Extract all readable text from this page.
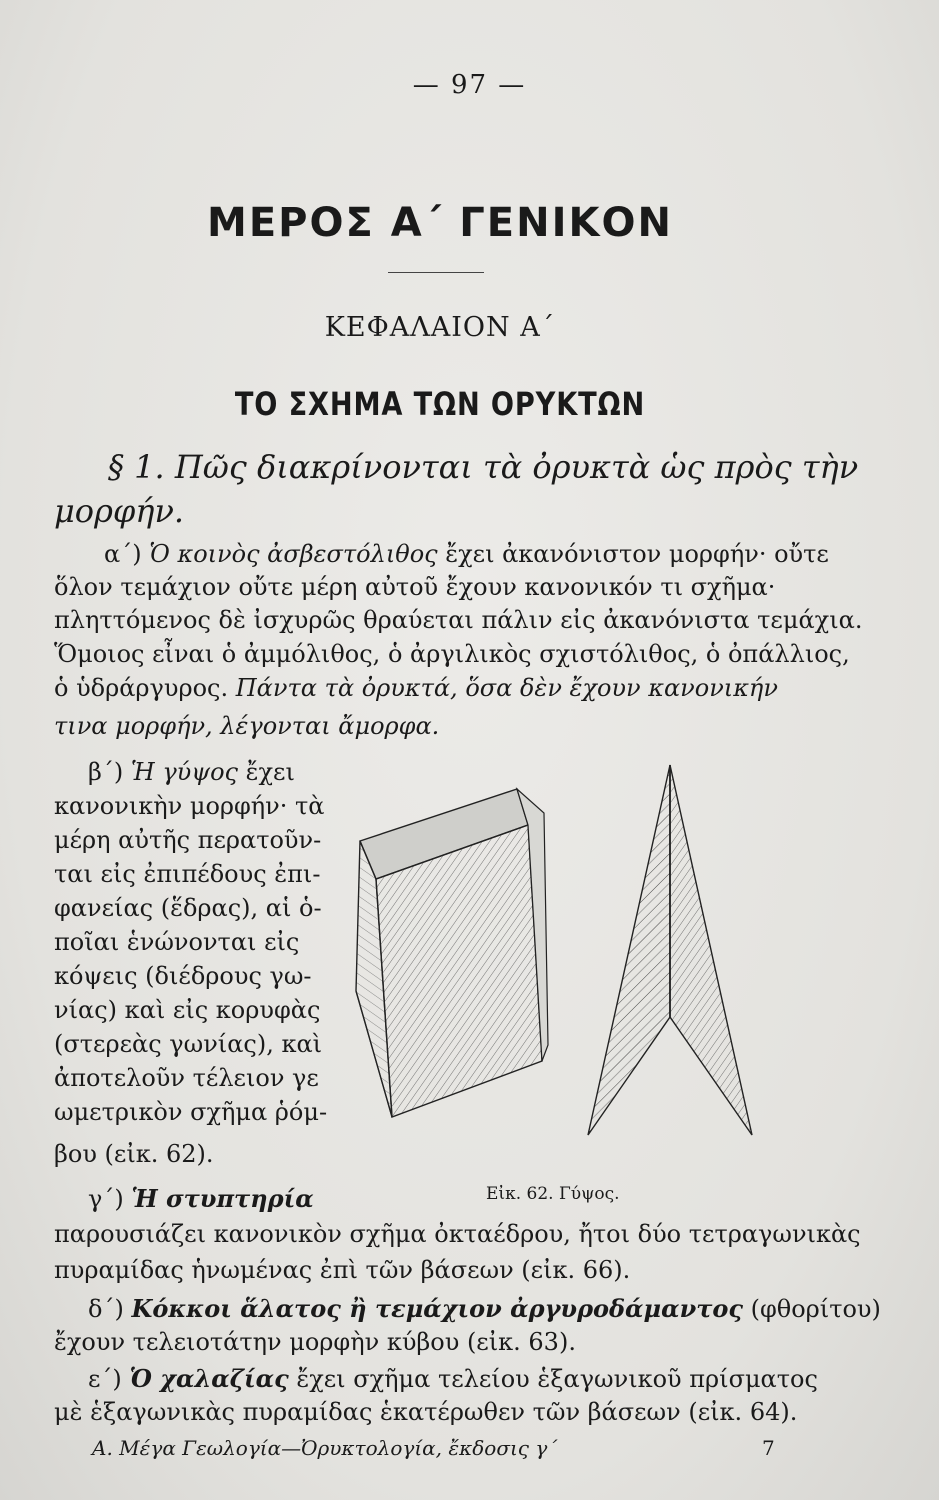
— 97 —
ΜΕΡΟΣ Α΄ ΓΕΝΙΚΟΝ
ΚΕΦΑΛΑΙΟΝ Α΄
ΤΟ ΣΧΗΜΑ ΤΩΝ ΟΡΥΚΤΩΝ
§ 1. Πῶς διακρίνονται τὰ ὀρυκτὰ ὡς πρὸς τὴν
μορφήν.
α΄) Ὁ κοινὸς ἀσβεστόλιθος ἔχει ἀκανόνιστον μορφήν· οὔτε
ὅλον τεμάχιον οὔτε μέρη αὐτοῦ ἔχουν κανονικόν τι σχῆμα·
πληττόμενος δὲ ἰσχυρῶς θραύεται πάλιν εἰς ἀκανόνιστα τεμάχια.
Ὅμοιος εἶναι ὁ ἀμμόλιθος, ὁ ἀργιλικὸς σχιστόλιθος, ὁ ὀπάλλιος,
ὁ ὑδράργυρος. Πάντα τὰ ὀρυκτά, ὅσα δὲν ἔχουν κανονικήν
τινα μορφήν, λέγονται ἄμορφα.
β΄) Ἡ γύψος ἔχει
κανονικὴν μορφήν· τὰ
μέρη αὐτῆς περατοῦν-
ται εἰς ἐπιπέδους ἐπι-
φανείας (ἕδρας), αἱ ὁ-
ποῖαι ἑνώνονται εἰς
κόψεις (διέδρους γω-
νίας) καὶ εἰς κορυφὰς
(στερεὰς γωνίας), καὶ
ἀποτελοῦν τέλειον γε
ωμετρικὸν σχῆμα ῥόμ-
βου (εἰκ. 62).
Εἰκ. 62. Γύψος.
γ΄) Ἡ στυπτηρία
παρουσιάζει κανονικὸν σχῆμα ὀκταέδρου, ἤτοι δύο τετραγωνικὰς
πυραμίδας ἡνωμένας ἐπὶ τῶν βάσεων (εἰκ. 66).
δ΄) Κόκκοι ἅλατος ἢ τεμάχιον ἀργυροδάμαντος (φθορίτου)
ἔχουν τελειοτάτην μορφὴν κύβου (εἰκ. 63).
ε΄) Ὁ χαλαζίας ἔχει σχῆμα τελείου ἑξαγωνικοῦ πρίσματος
μὲ ἑξαγωνικὰς πυραμίδας ἑκατέρωθεν τῶν βάσεων (εἰκ. 64).
Α. Μέγα Γεωλογία—Ὀρυκτολογία, ἔκδοσις γ΄	7
